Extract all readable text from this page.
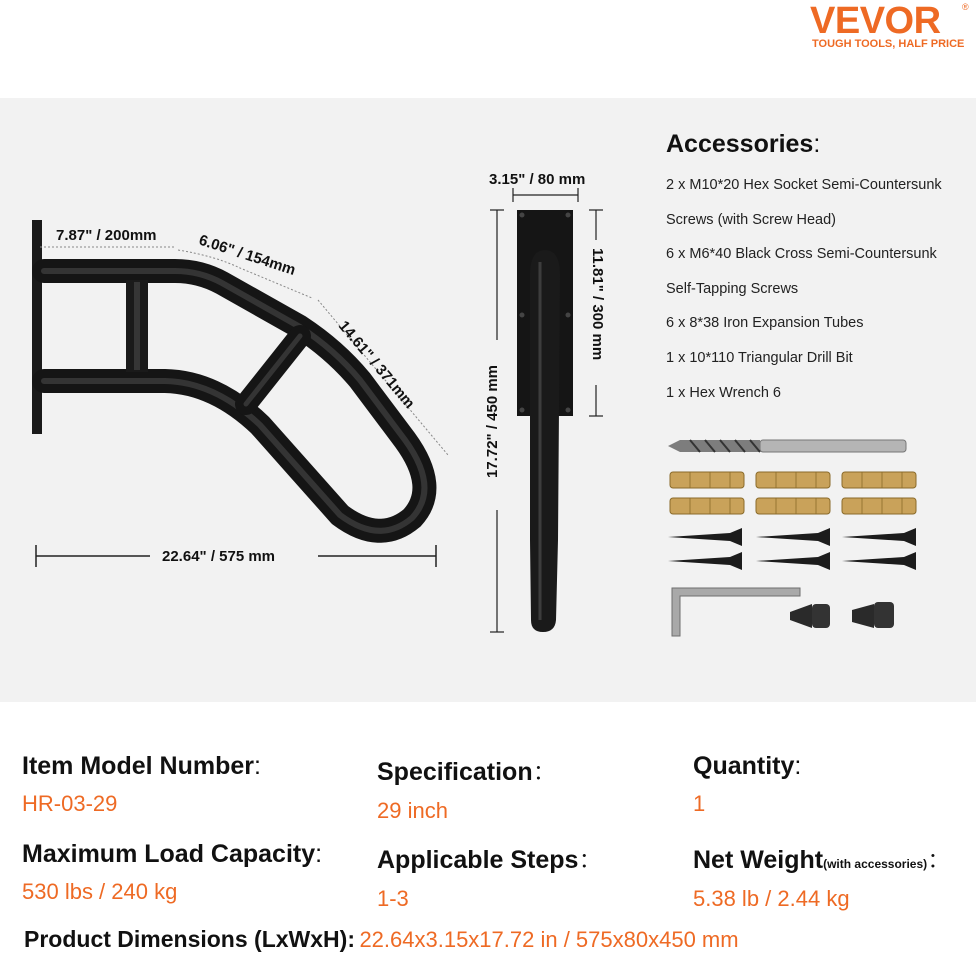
VEVOR ®
TOUGH TOOLS, HALF PRICE
7.87" / 200mm	6.06" / 154mm
14.61" / 371mm
22.64" / 575 mm
3.15" / 80 mm
17.72" / 450 mm
11.81" / 300 mm
Accessories:
2 x M10*20 Hex Socket Semi-Countersunk
Screws (with Screw Head)
6 x M6*40 Black Cross Semi-Countersunk
Self-Tapping Screws
6 x 8*38 Iron Expansion Tubes
1 x 10*110 Triangular Drill Bit
1 x Hex Wrench 6
Item Model Number:
HR-03-29
Specification：
29 inch
Quantity:
1
Maximum Load Capacity:
530 lbs / 240 kg
Applicable Steps：
1-3
Net Weight(with accessories)：
5.38 lb / 2.44 kg
Product Dimensions (LxWxH): 22.64x3.15x17.72 in / 575x80x450 mm
